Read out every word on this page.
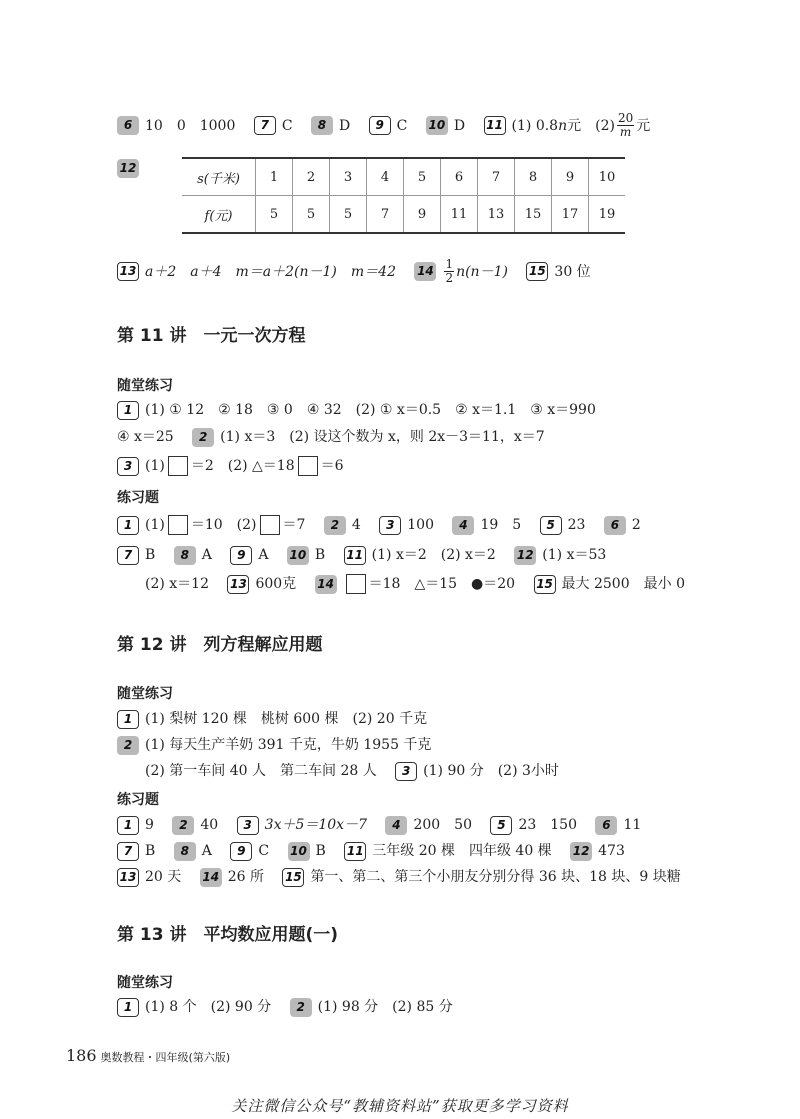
6 10　0　1000 7 C 8 D 9 C 10 D 11 (1) 0.8n元　 $(2) \frac{20}{m}$ 元
12
s(千米)	1	2	3	4	5	6	7	8	9	10
f(元)	5	5	5	7	9	11	13	15	17	19
13 a＋2　a＋4　m＝a＋2(n－1)　m＝42 $14 \frac{1}{2} n(n-1)$ 15 30 位
第 11 讲　一元一次方程
随堂练习
1 (1) ① 12　② 18　③ 0　④ 32　(2) ① x＝0.5　② x＝1.1　③ x＝990
④ x＝25 2 (1) x＝3　(2) 设这个数为 x，则 2x－3＝11，x＝7
3 (1) ＝2　(2) △＝18 ＝6
练习题
1 (1) ＝10　(2) ＝7 2 4 3 100 4 19　5 5 23 6 2
7 B 8 A 9 A 10 B 11 (1) x＝2　(2) x＝2 12 (1) x＝53
(2) x＝12 13 600克 14 ＝18　△＝15　 ●＝20 15 最大 2500　最小 0
第 12 讲　列方程解应用题
随堂练习
1 (1) 梨树 120 棵　桃树 600 棵　(2) 20 千克
2 (1) 每天生产羊奶 391 千克，牛奶 1955 千克
(2) 第一车间 40 人　第二车间 28 人 3 (1) 90 分　(2) 3小时
练习题
1 9 2 40 3 3x＋5＝10x－7 4 200　50 5 23　150 6 11
7 B 8 A 9 C 10 B 11 三年级 20 棵　四年级 40 棵 12 473
13 20 天 14 26 所 15 第一、第二、第三个小朋友分别分得 36 块、18 块、9 块糖
第 13 讲　平均数应用题(一)
随堂练习
1 (1) 8 个　(2) 90 分 2 (1) 98 分　(2) 85 分
186 奥数教程・四年级(第六版)
关注微信公众号“教辅资料站”获取更多学习资料
